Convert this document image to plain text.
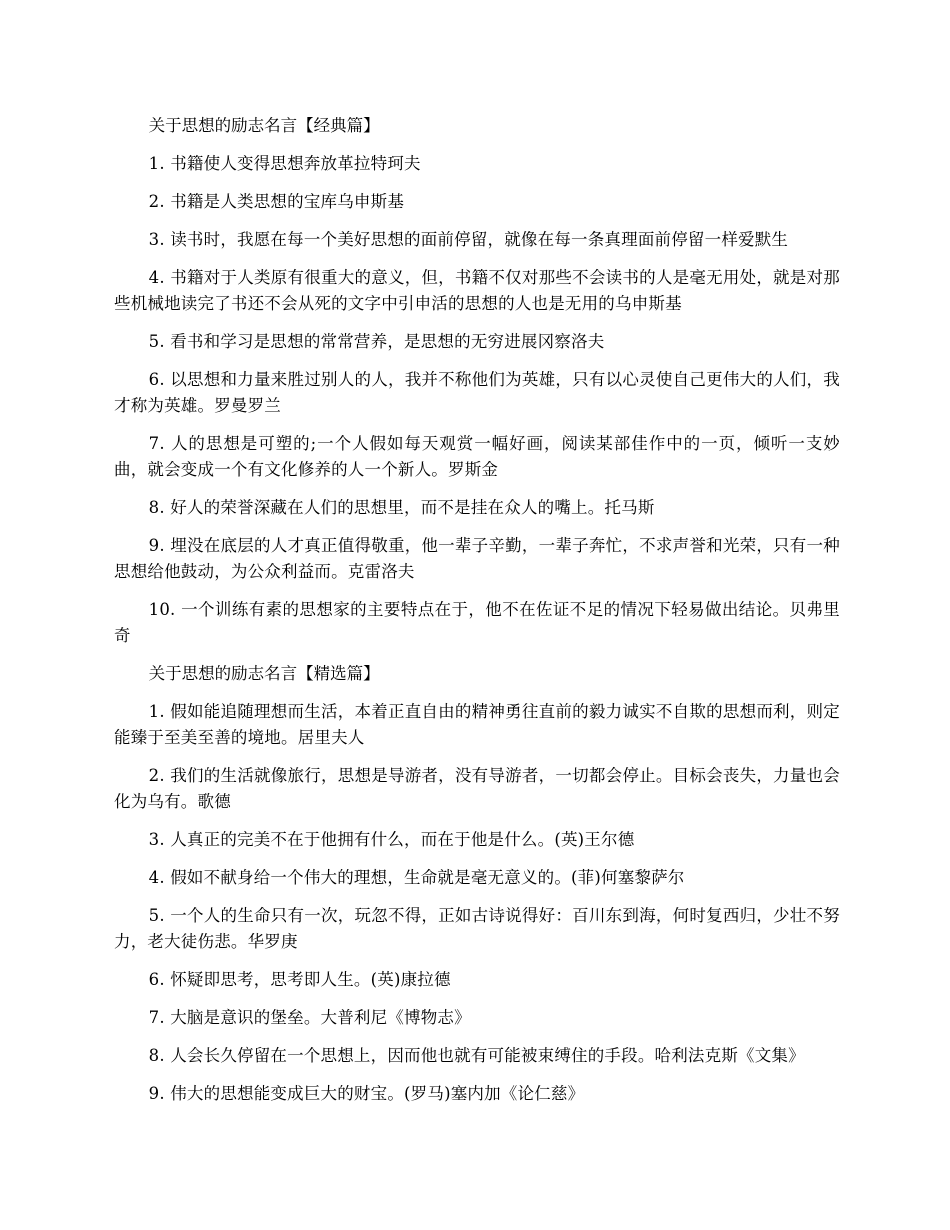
关于思想的励志名言【经典篇】

1. 书籍使人变得思想奔放革拉特珂夫

2. 书籍是人类思想的宝库乌申斯基

3. 读书时，我愿在每一个美好思想的面前停留，就像在每一条真理面前停留一样爱默生

4. 书籍对于人类原有很重大的意义，但，书籍不仅对那些不会读书的人是毫无用处，就是对那些机械地读完了书还不会从死的文字中引申活的思想的人也是无用的乌申斯基

5. 看书和学习是思想的常常营养，是思想的无穷进展冈察洛夫

6. 以思想和力量来胜过别人的人，我并不称他们为英雄，只有以心灵使自己更伟大的人们，我才称为英雄。罗曼罗兰

7. 人的思想是可塑的;一个人假如每天观赏一幅好画，阅读某部佳作中的一页，倾听一支妙曲，就会变成一个有文化修养的人一个新人。罗斯金

8. 好人的荣誉深藏在人们的思想里，而不是挂在众人的嘴上。托马斯

9. 埋没在底层的人才真正值得敬重，他一辈子辛勤，一辈子奔忙，不求声誉和光荣，只有一种思想给他鼓动，为公众利益而。克雷洛夫

10. 一个训练有素的思想家的主要特点在于，他不在佐证不足的情况下轻易做出结论。贝弗里奇

关于思想的励志名言【精选篇】

1. 假如能追随理想而生活，本着正直自由的精神勇往直前的毅力诚实不自欺的思想而利，则定能臻于至美至善的境地。居里夫人

2. 我们的生活就像旅行，思想是导游者，没有导游者，一切都会停止。目标会丧失，力量也会化为乌有。歌德

3. 人真正的完美不在于他拥有什么，而在于他是什么。(英)王尔德

4. 假如不献身给一个伟大的理想，生命就是毫无意义的。(菲)何塞黎萨尔

5. 一个人的生命只有一次，玩忽不得，正如古诗说得好：百川东到海，何时复西归，少壮不努力，老大徒伤悲。华罗庚

6. 怀疑即思考，思考即人生。(英)康拉德

7. 大脑是意识的堡垒。大普利尼《博物志》

8. 人会长久停留在一个思想上，因而他也就有可能被束缚住的手段。哈利法克斯《文集》

9. 伟大的思想能变成巨大的财宝。(罗马)塞内加《论仁慈》
